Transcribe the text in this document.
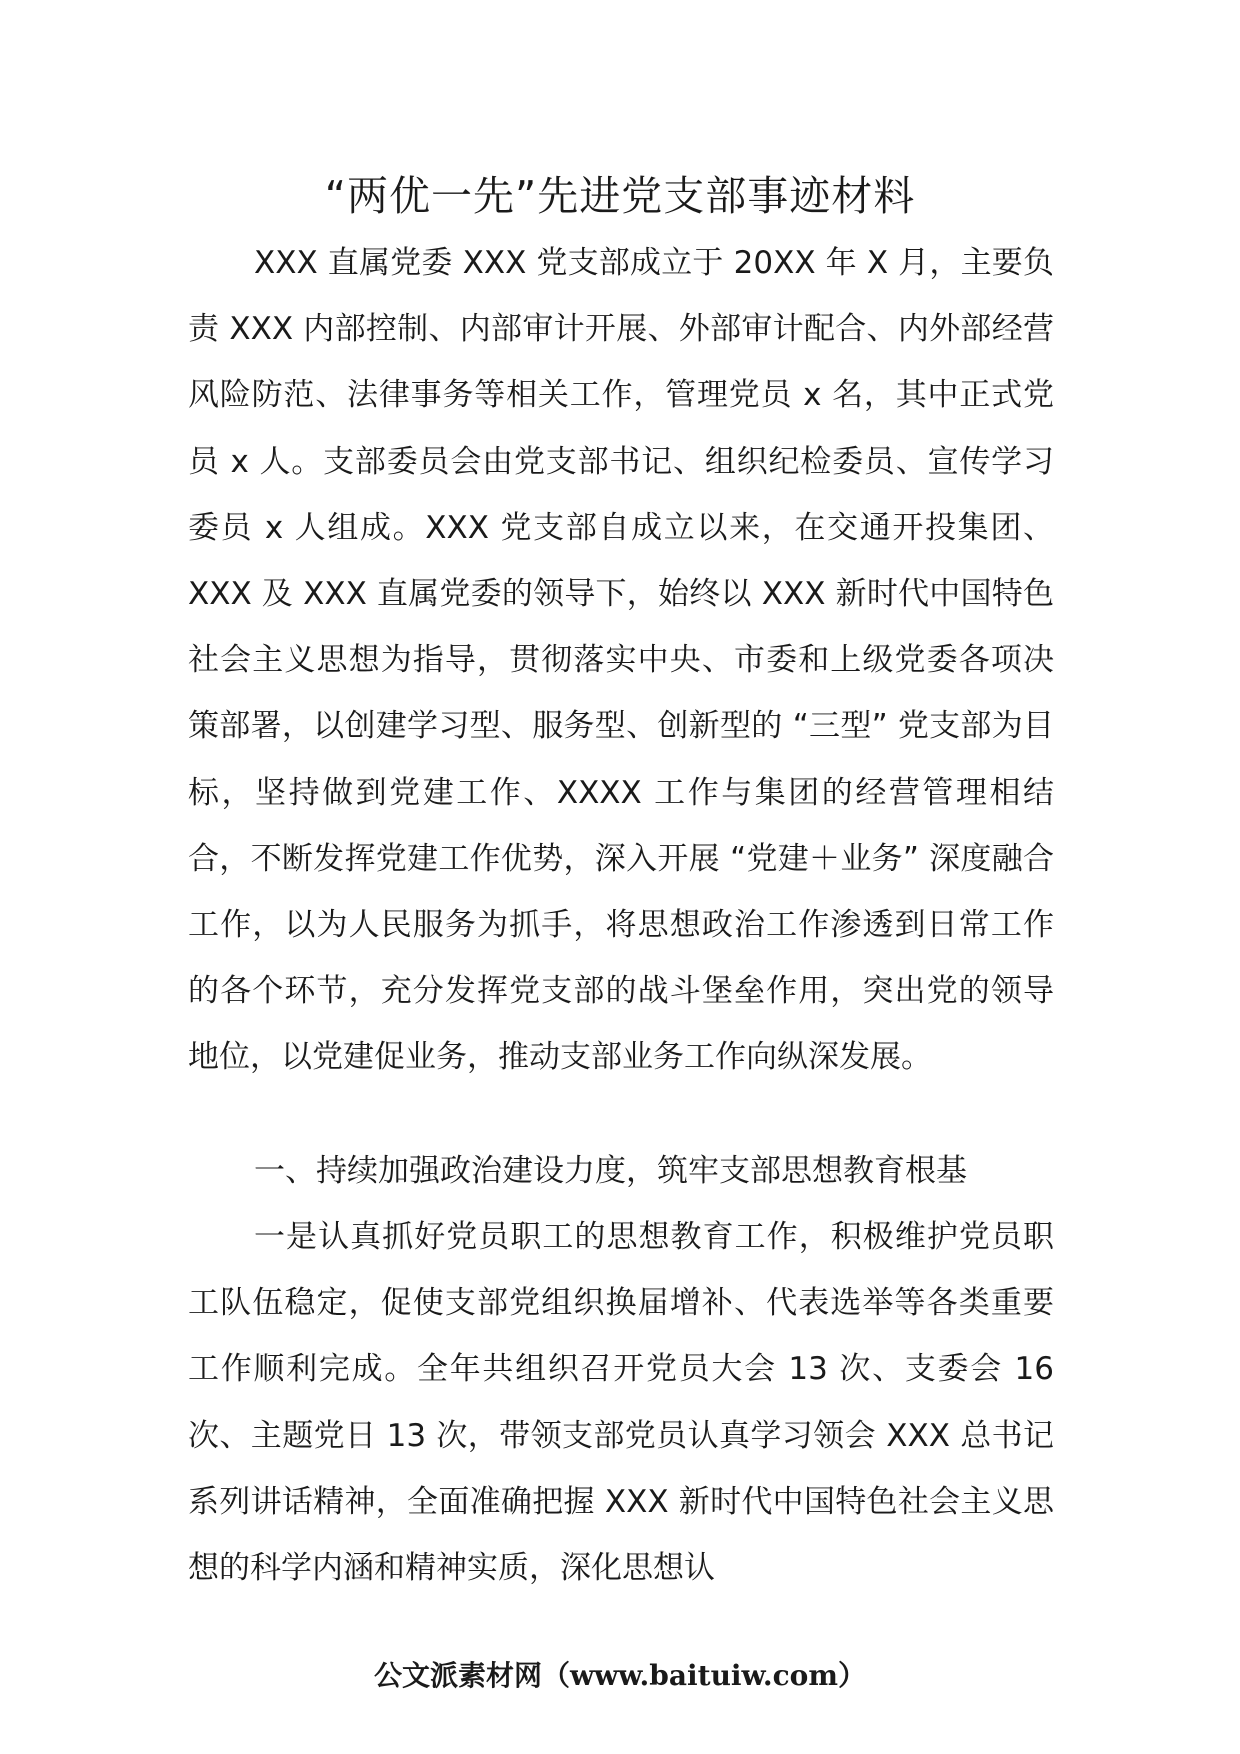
“两优一先”先进党支部事迹材料

XXX 直属党委 XXX 党支部成立于 20XX 年 X 月，主要负责 XXX 内部控制、内部审计开展、外部审计配合、内外部经营风险防范、法律事务等相关工作，管理党员 x 名，其中正式党员 x 人。支部委员会由党支部书记、组织纪检委员、宣传学习委员 x 人组成。XXX 党支部自成立以来，在交通开投集团、XXX 及 XXX 直属党委的领导下，始终以 XXX 新时代中国特色社会主义思想为指导，贯彻落实中央、市委和上级党委各项决策部署，以创建学习型、服务型、创新型的 “三型” 党支部为目标，坚持做到党建工作、XXXX 工作与集团的经营管理相结合，不断发挥党建工作优势，深入开展 “党建＋业务” 深度融合工作，以为人民服务为抓手，将思想政治工作渗透到日常工作的各个环节，充分发挥党支部的战斗堡垒作用，突出党的领导地位，以党建促业务，推动支部业务工作向纵深发展。

一、持续加强政治建设力度，筑牢支部思想教育根基

一是认真抓好党员职工的思想教育工作，积极维护党员职工队伍稳定，促使支部党组织换届增补、代表选举等各类重要工作顺利完成。全年共组织召开党员大会 13 次、支委会 16 次、主题党日 13 次，带领支部党员认真学习领会 XXX 总书记系列讲话精神，全面准确把握 XXX 新时代中国特色社会主义思想的科学内涵和精神实质，深化思想认

公文派素材网（www.baituiw.com）
